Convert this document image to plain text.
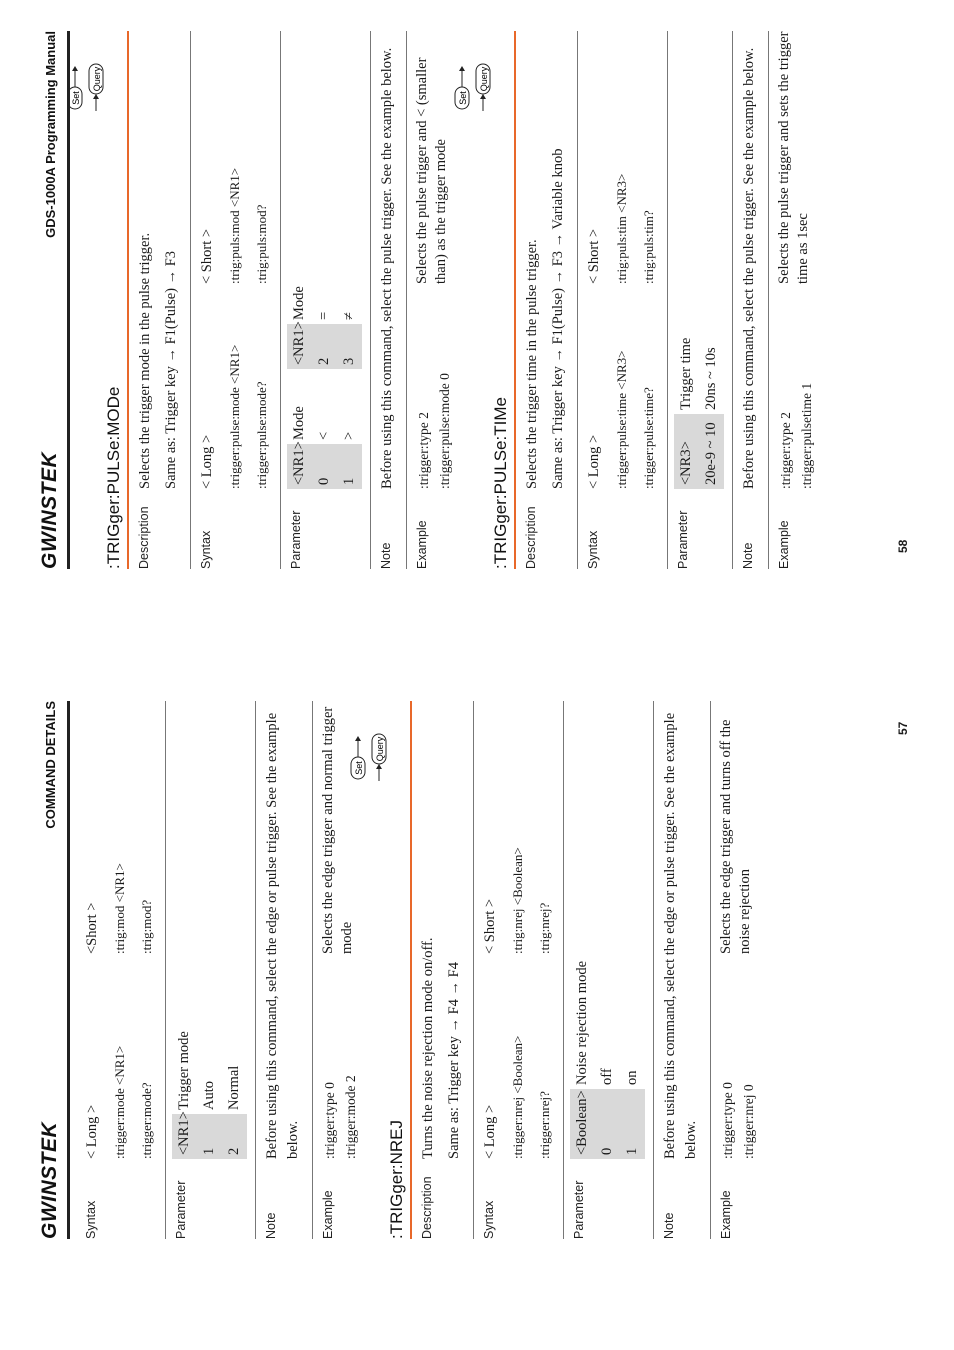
GWINSTEK
COMMAND DETAILS
Syntax
< Long >
<Short >
:trigger:mode <NR1>
:trig:mod <NR1>
:trigger:mode?
:trig:mod?
Parameter
<NR1>
Trigger mode
1
Auto
2
Normal
Note

Before using this command, select the edge or pulse trigger. See the example below.

Example
:trigger:type 0 :trigger:mode 2
Selects the edge trigger and normal trigger mode
:TRIGger:NREJ
Set
Query
Description

Turns the noise rejection mode on/off. Same as: Trigger key → F4 → F4

Syntax
< Long >
< Short >
:trigger:nrej <Boolean>
:trig:nrej <Boolean>
:trigger:nrej?
:trig:nrej?
Parameter
<Boolean>
Noise rejection mode
0
off
1
on
Note

Before using this command, select the edge or pulse trigger. See the example below.

Example
:trigger:type 0 :trigger:nrej 0
Selects the edge trigger and turns off the noise rejection
57
GWINSTEK
GDS-1000A Programming Manual
:TRIGger:PULSe:MODe
Set
Query
Description

Selects the trigger mode in the pulse trigger. Same as: Trigger key → F1(Pulse) → F3

Syntax
< Long >
< Short >
:trigger:pulse:mode <NR1>
:trig:puls:mod <NR1>
:trigger:pulse:mode?
:trig:puls:mod?
Parameter
<NR1>
Mode
<NR1>
Mode
0
<
2
=
1
>
3
≠
Note

Before using this command, select the pulse trigger. See the example below.

Example
:trigger:type 2 :trigger:pulse:mode 0
Selects the pulse trigger and < (smaller than) as the trigger mode
:TRIGger:PULSe:TIMe
Set
Query
Description

Selects the trigger time in the pulse trigger. Same as: Trigger key → F1(Pulse) → F3 → Variable knob

Syntax
< Long >
< Short >
:trigger:pulse:time <NR3>
:trig:puls:tim <NR3>
:trigger:pulse:time?
:trig:puls:tim?
Parameter
<NR3>
Trigger time
20e-9 ~ 10
20ns ~ 10s
Note

Before using this command, select the pulse trigger. See the example below.

Example
:trigger:type 2 :trigger:pulsetime 1
Selects the pulse trigger and sets the trigger time as 1sec
58
